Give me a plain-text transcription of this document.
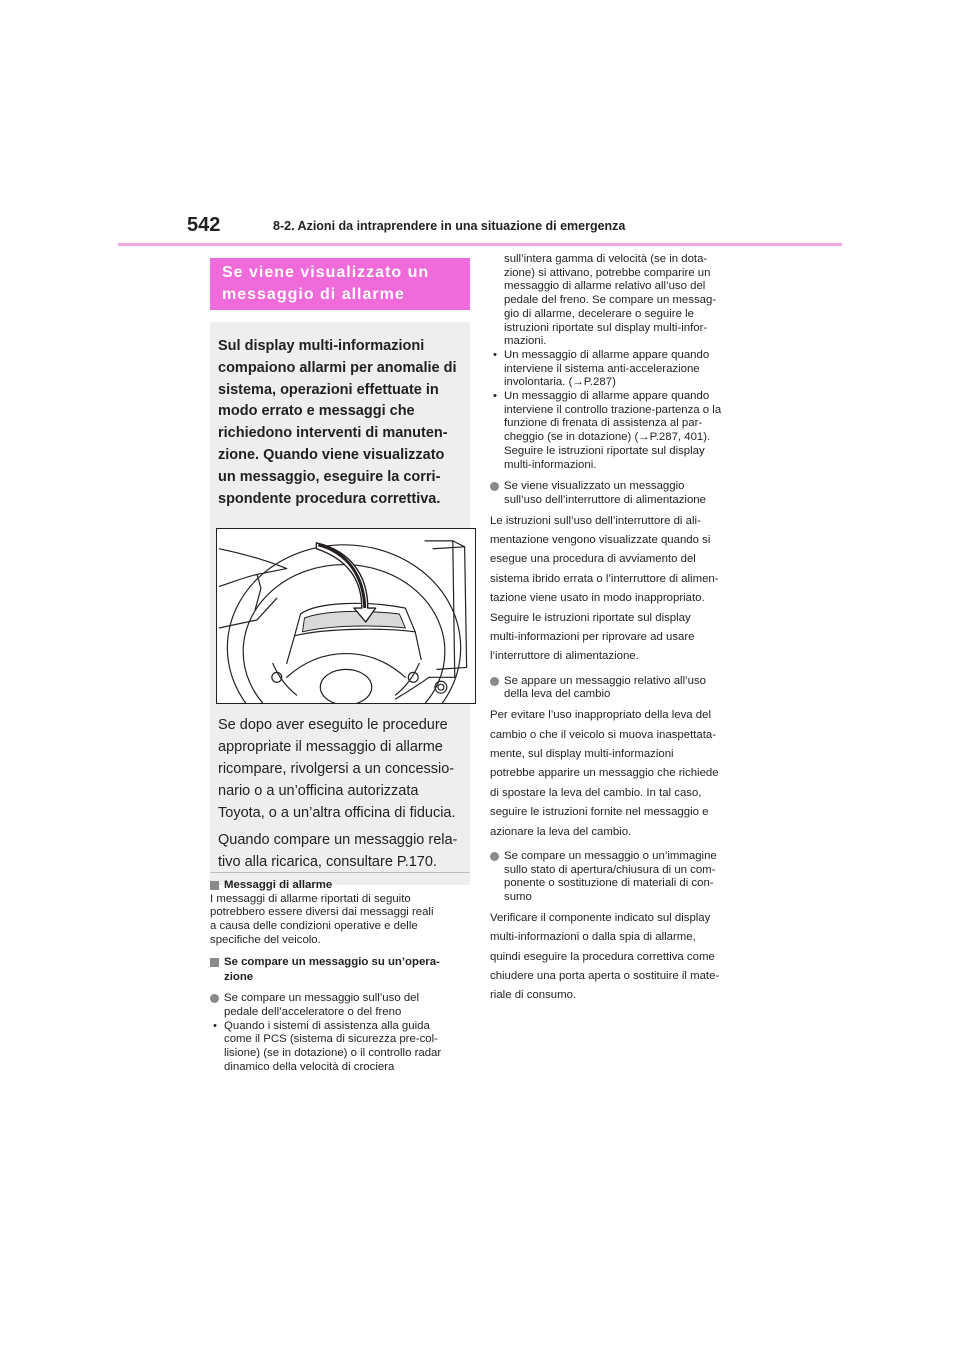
542	8-2. Azioni da intraprendere in una situazione di emergenza
Se viene visualizzato un
messaggio di allarme
Sul display multi-informazioni
compaiono allarmi per anomalie di
sistema, operazioni effettuate in
modo errato e messaggi che
richiedono interventi di manuten-
zione. Quando viene visualizzato
un messaggio, eseguire la corri-
spondente procedura correttiva.

Se dopo aver eseguito le procedure
appropriate il messaggio di allarme
ricompare, rivolgersi a un concessio-
nario o a un’officina autorizzata
Toyota, o a un’altra officina di fiducia.

Quando compare un messaggio rela-
tivo alla ricarica, consultare P.170.

Messaggi di allarme

I messaggi di allarme riportati di seguito
potrebbero essere diversi dai messaggi reali
a causa delle condizioni operative e delle
specifiche del veicolo.

Se compare un messaggio su un’opera-
zione
Se compare un messaggio sull’uso del
pedale dell’acceleratore o del freno

• Quando i sistemi di assistenza alla guida
come il PCS (sistema di sicurezza pre-col-
lisione) (se in dotazione) o il controllo radar
dinamico della velocità di crociera

sull’intera gamma di velocità (se in dota-
zione) si attivano, potrebbe comparire un
messaggio di allarme relativo all’uso del
pedale del freno. Se compare un messag-
gio di allarme, decelerare o seguire le
istruzioni riportate sul display multi-infor-
mazioni.

• Un messaggio di allarme appare quando
interviene il sistema anti-accelerazione
involontaria. (→P.287)

• Un messaggio di allarme appare quando
interviene il controllo trazione-partenza o la
funzione di frenata di assistenza al par-
cheggio (se in dotazione) (→P.287, 401).
Seguire le istruzioni riportate sul display
multi-informazioni.

Se viene visualizzato un messaggio
sull’uso dell’interruttore di alimentazione
Le istruzioni sull’uso dell’interruttore di ali-
mentazione vengono visualizzate quando si
esegue una procedura di avviamento del
sistema ibrido errata o l’interruttore di alimen-
tazione viene usato in modo inappropriato.
Seguire le istruzioni riportate sul display
multi-informazioni per riprovare ad usare
l’interruttore di alimentazione.
Se appare un messaggio relativo all’uso
della leva del cambio
Per evitare l’uso inappropriato della leva del
cambio o che il veicolo si muova inaspettata-
mente, sul display multi-informazioni
potrebbe apparire un messaggio che richiede
di spostare la leva del cambio. In tal caso,
seguire le istruzioni fornite nel messaggio e
azionare la leva del cambio.
Se compare un messaggio o un’immagine
sullo stato di apertura/chiusura di un com-
ponente o sostituzione di materiali di con-
sumo
Verificare il componente indicato sul display
multi-informazioni o dalla spia di allarme,
quindi eseguire la procedura correttiva come
chiudere una porta aperta o sostituire il mate-
riale di consumo.
